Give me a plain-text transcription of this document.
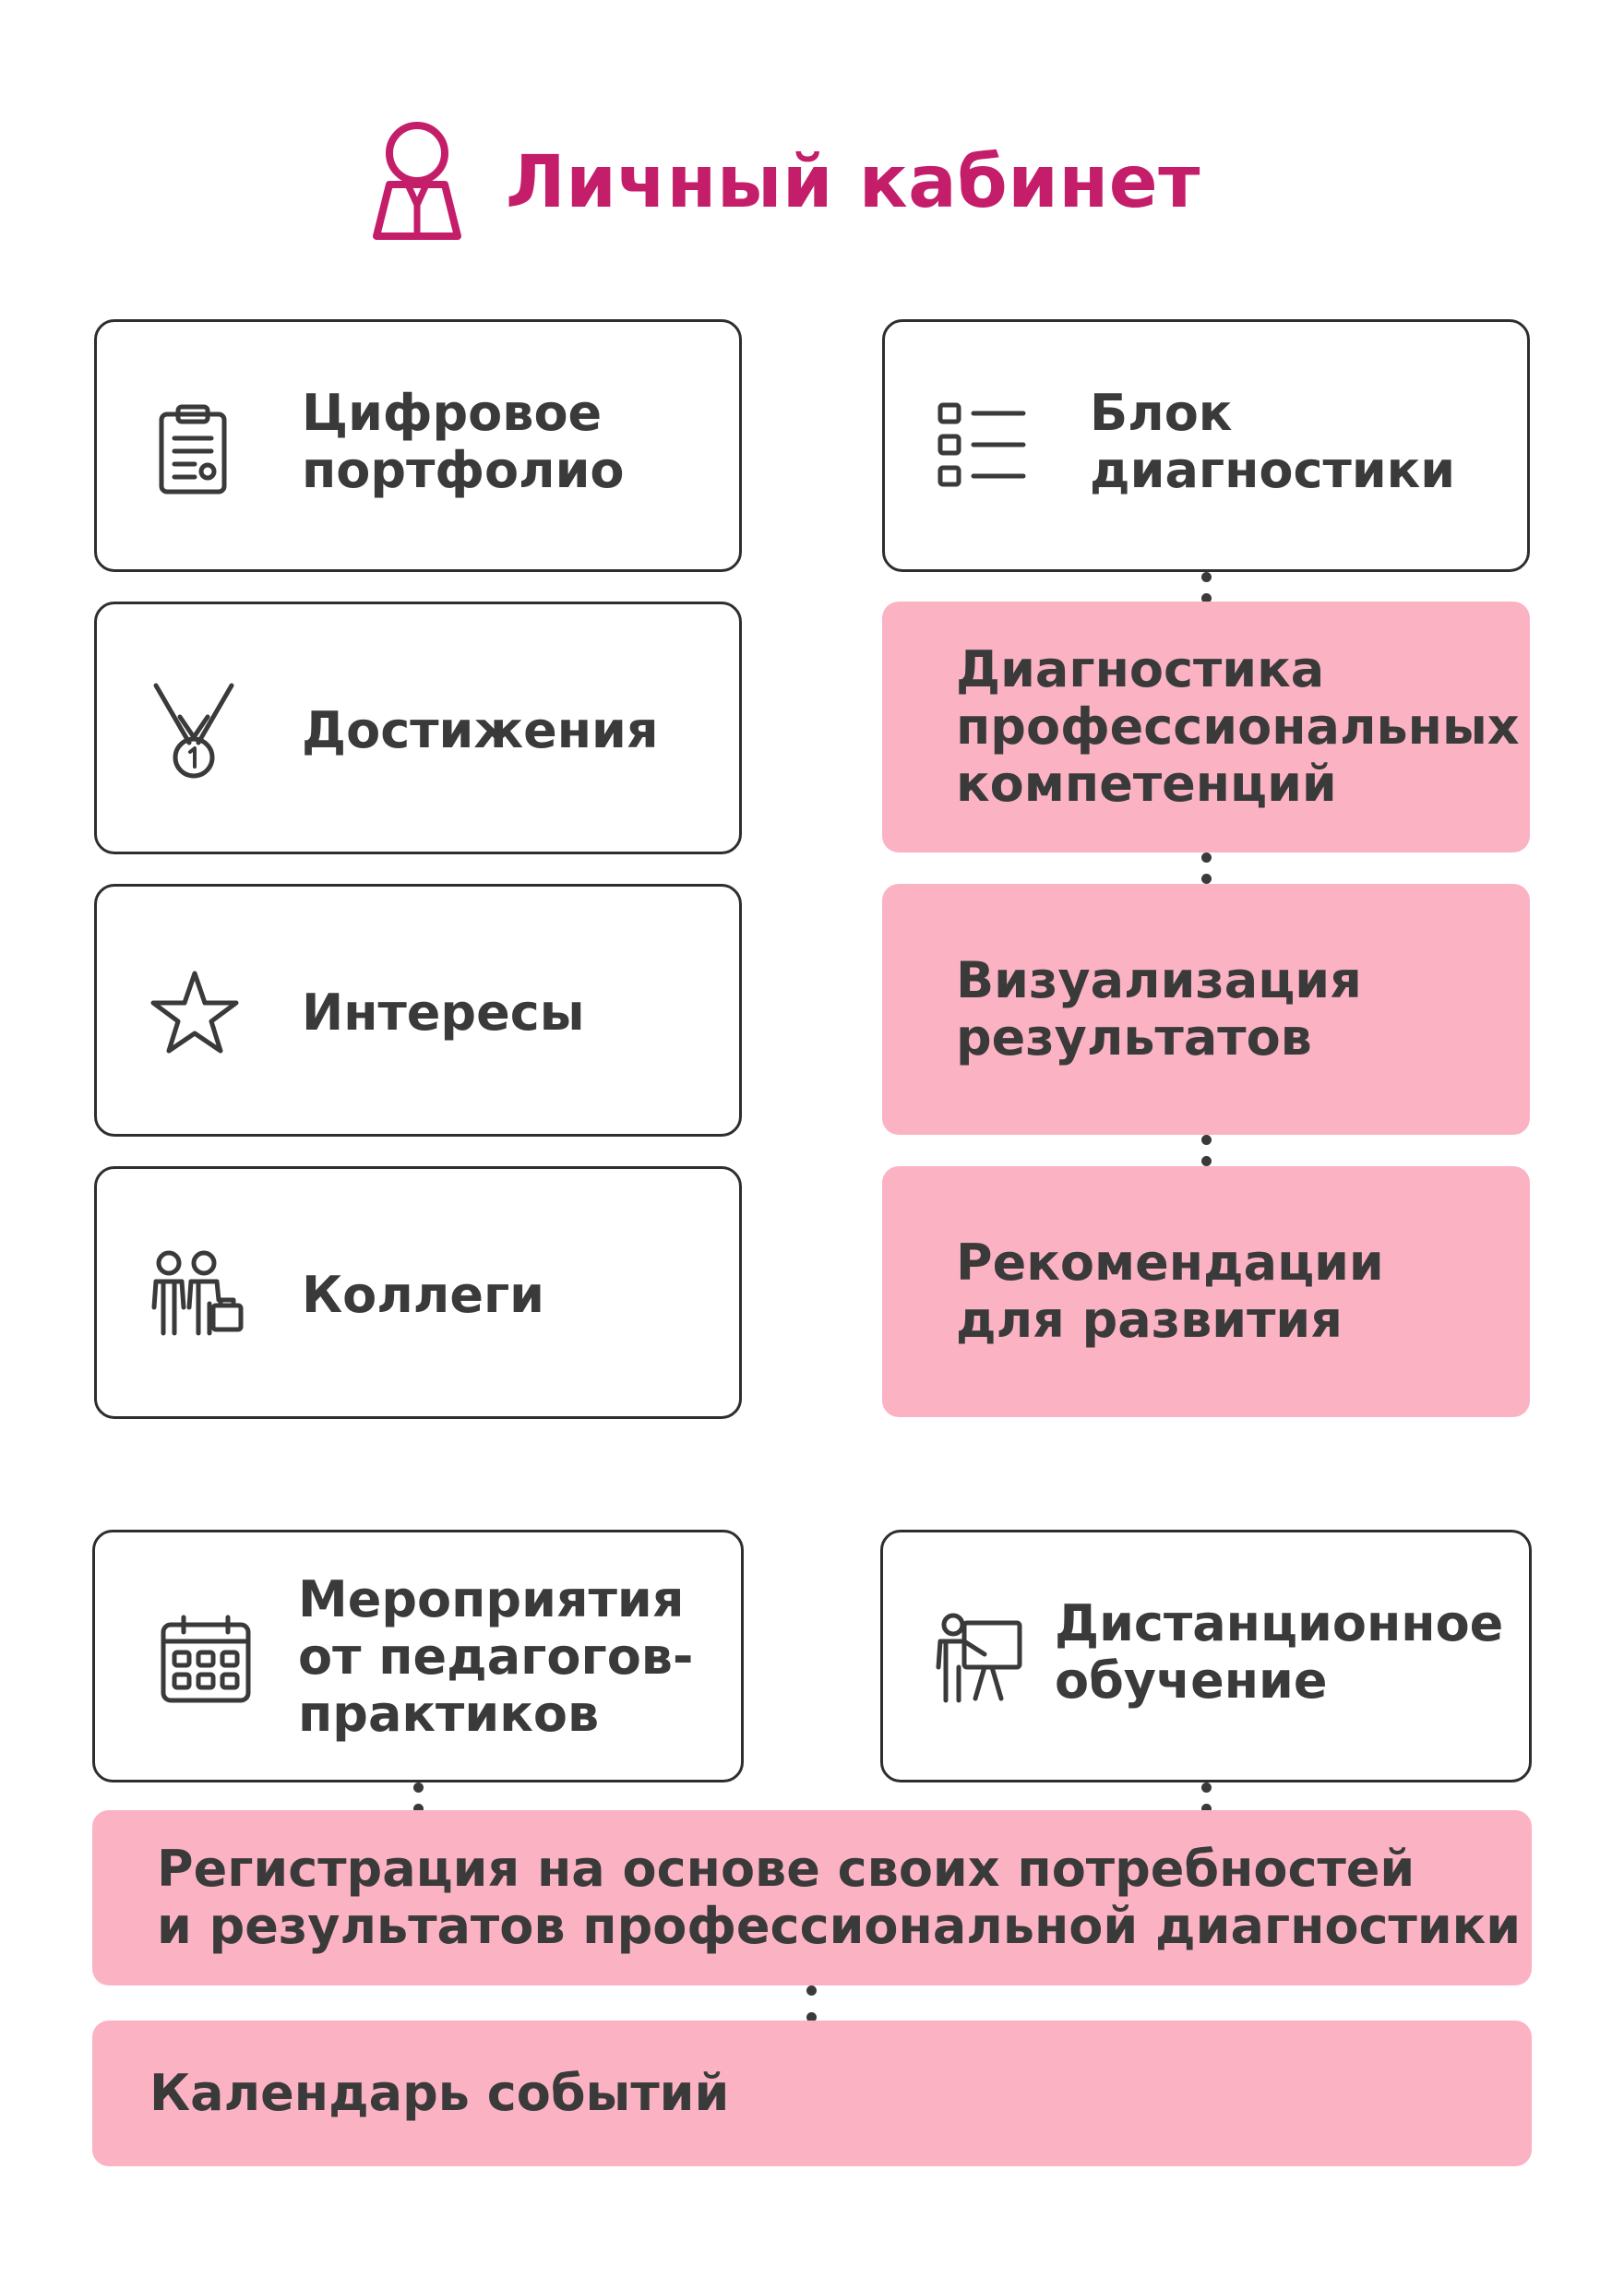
Личный кабинет
Цифровое
портфолио
Достижения
Интересы
Коллеги
Блок
диагностики
Диагностика
профессиональных
компетенций
Визуализация
результатов
Рекомендации
для развития
Мероприятия
от педагогов-
практиков
Дистанционное
обучение
Регистрация на основе своих потребностей
и результатов профессиональной диагностики
Календарь событий
